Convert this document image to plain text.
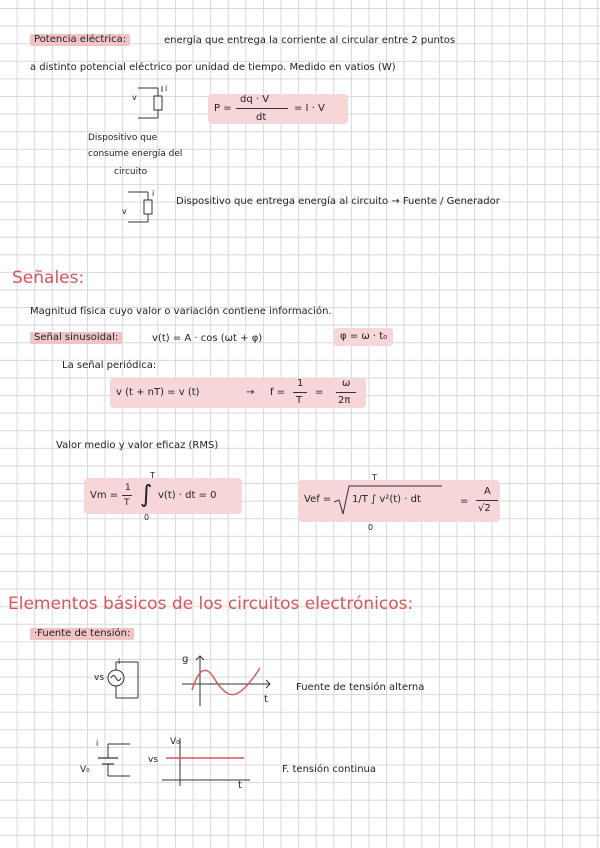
Potencia eléctrica:	energía que entrega la corriente al circular entre 2 puntos
a distinto potencial eléctrico por unidad de tiempo. Medido en vatios (W)
v
i
P =
dq · V
dt
= I · V
Dispositivo que
consume energía del
circuito
v
i
Dispositivo que entrega energía al circuito → Fuente / Generador
Señales:
Magnitud física cuyo valor o variación contiene información.
Señal sinusoidal:	v(t) = A · cos (ωt + φ)	φ = ω · t₀
La señal periódica:
v (t + nT) = v (t)	→ f =
1
T
=
ω
2π
Valor medio y valor eficaz (RMS)
Vm =
1
T ∫
T
0
v(t) · dt = 0	Vef = 1/T ∫ v²(t) · dt
T
0
=
A
√2
Elementos básicos de los circuitos electrónicos:
·Fuente de tensión:
vs
i	g
t
Fuente de tensión alterna
V₀
i	V₀
vs
t
F. tensión continua
